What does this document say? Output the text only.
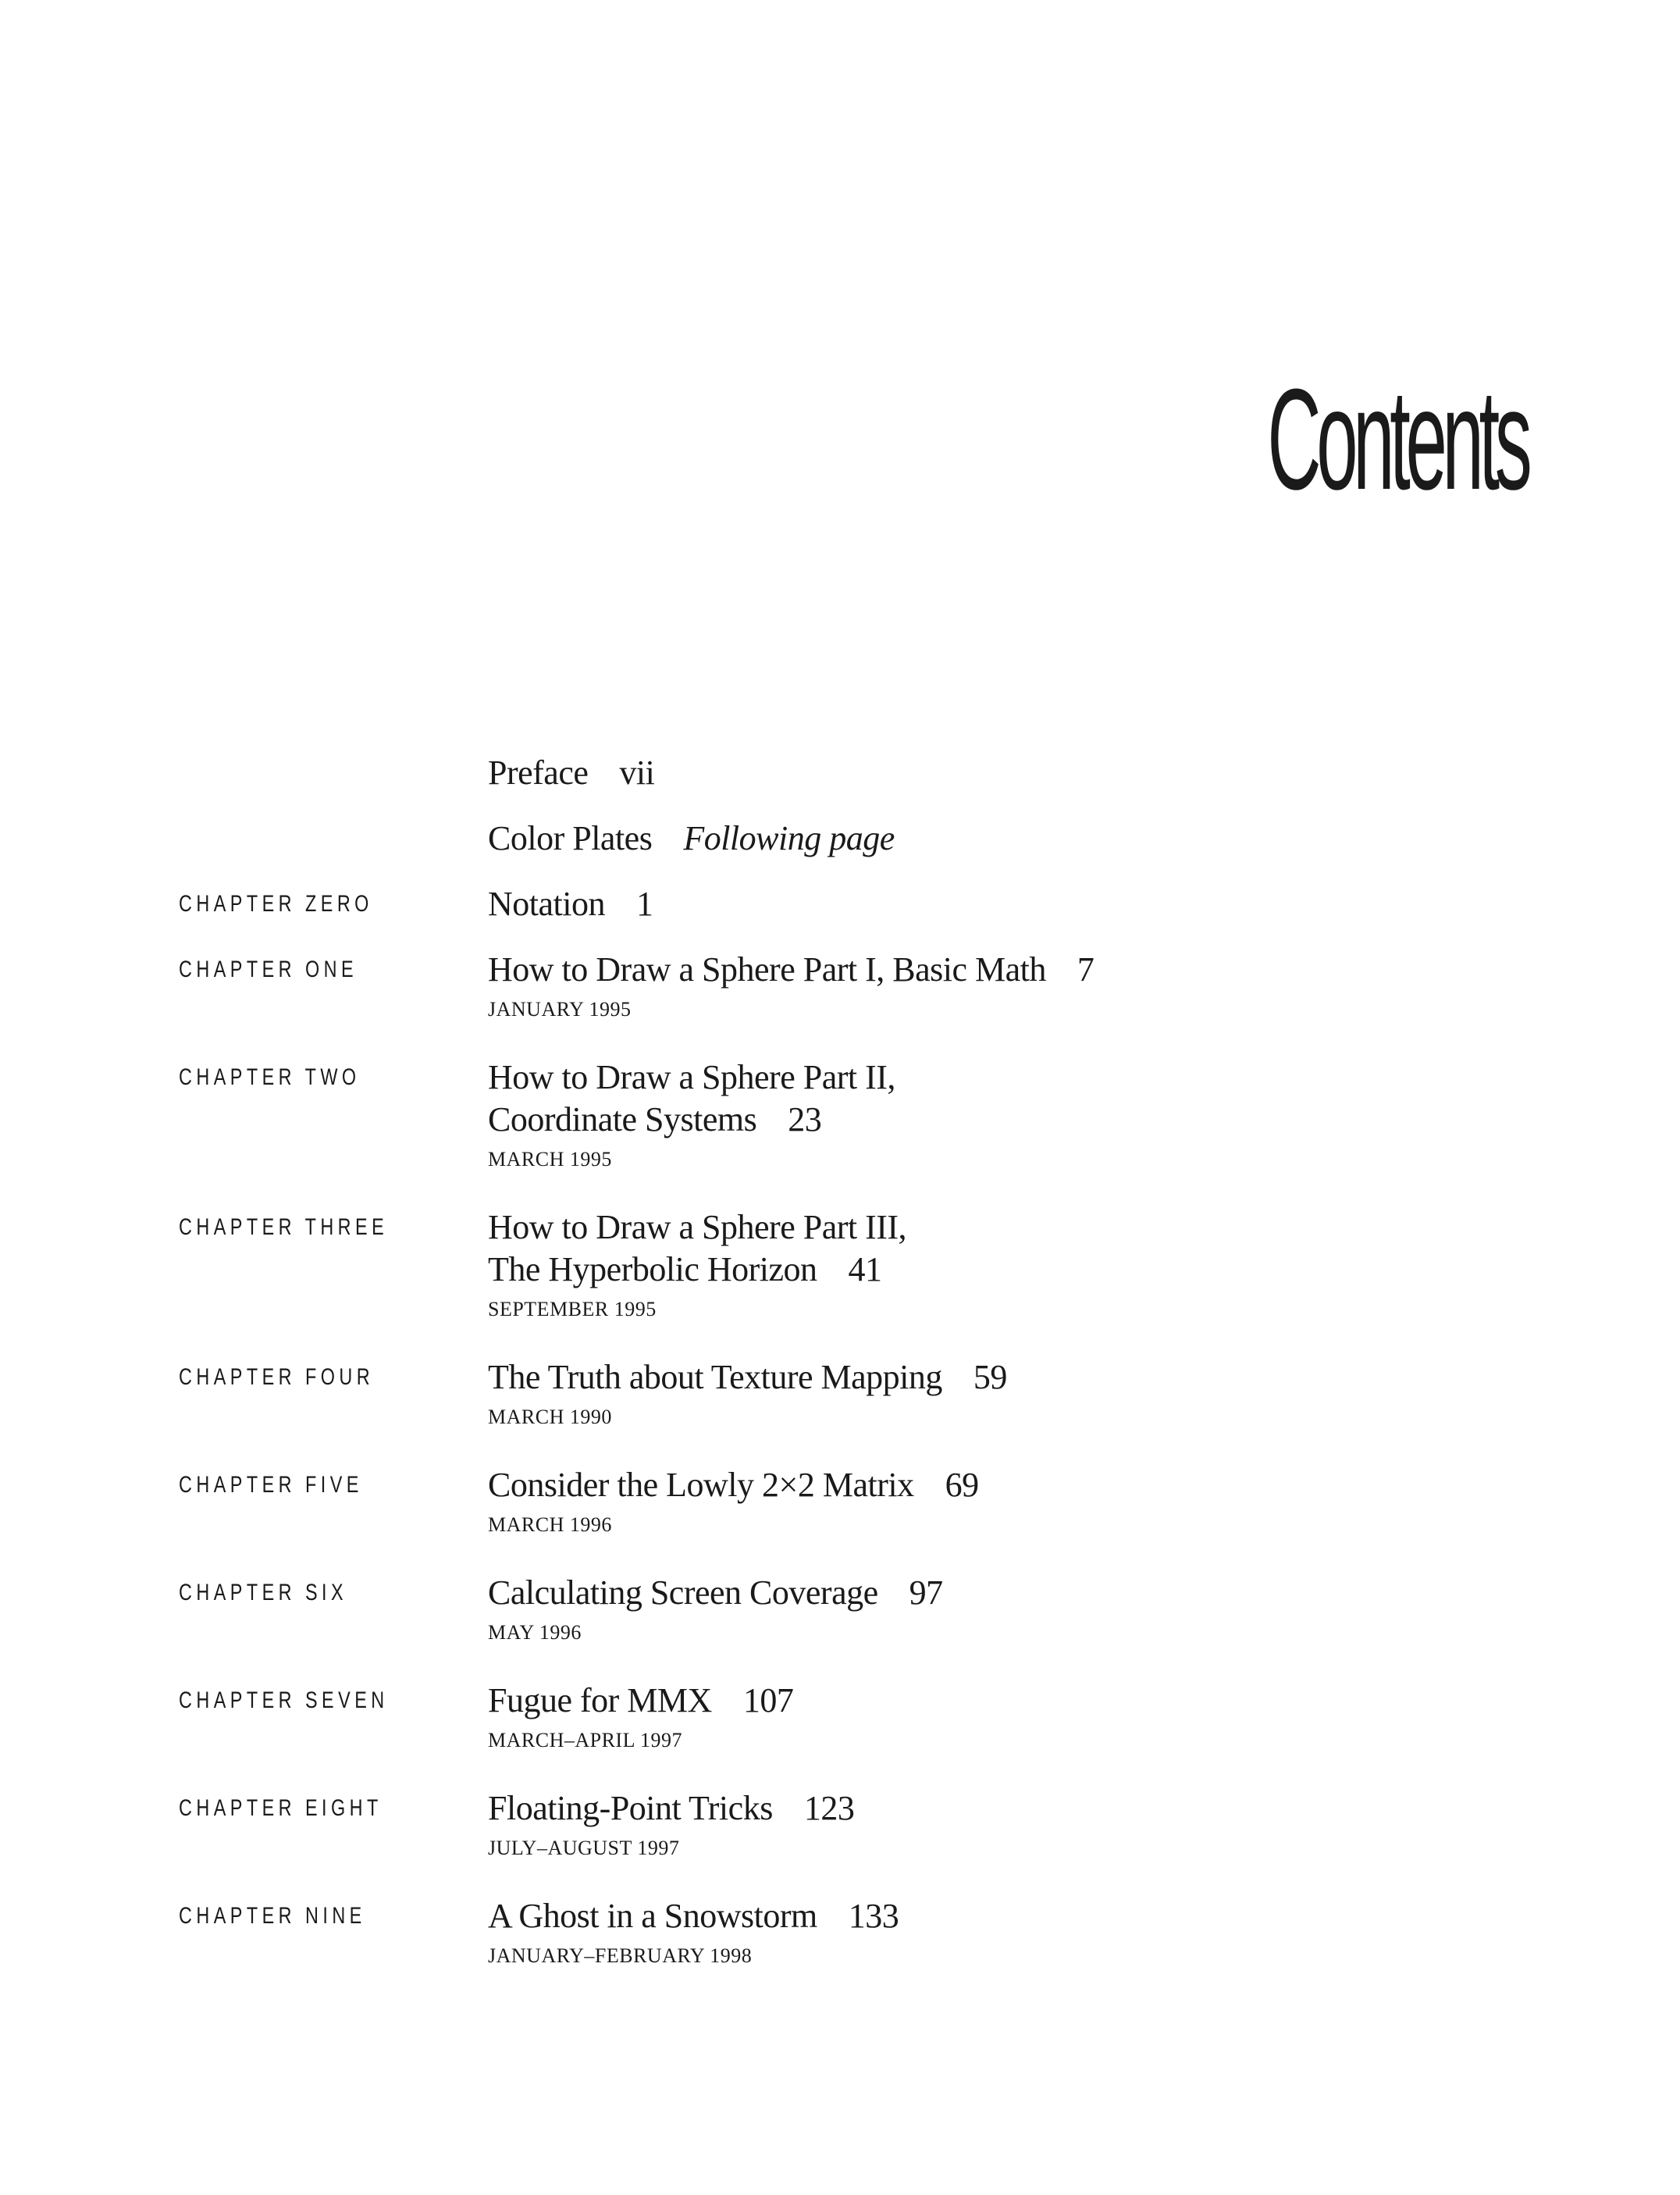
Contents
Preface vii
Color Plates Following page
CHAPTER ZERO	Notation 1
CHAPTER ONE	How to Draw a Sphere Part I, Basic Math 7
JANUARY 1995
CHAPTER TWO	How to Draw a Sphere Part II,
Coordinate Systems 23
MARCH 1995
CHAPTER THREE	How to Draw a Sphere Part III,
The Hyperbolic Horizon 41
SEPTEMBER 1995
CHAPTER FOUR	The Truth about Texture Mapping 59
MARCH 1990
CHAPTER FIVE	Consider the Lowly 2×2 Matrix 69
MARCH 1996
CHAPTER SIX	Calculating Screen Coverage 97
MAY 1996
CHAPTER SEVEN	Fugue for MMX 107
MARCH–APRIL 1997
CHAPTER EIGHT	Floating-Point Tricks 123
JULY–AUGUST 1997
CHAPTER NINE	A Ghost in a Snowstorm 133
JANUARY–FEBRUARY 1998
